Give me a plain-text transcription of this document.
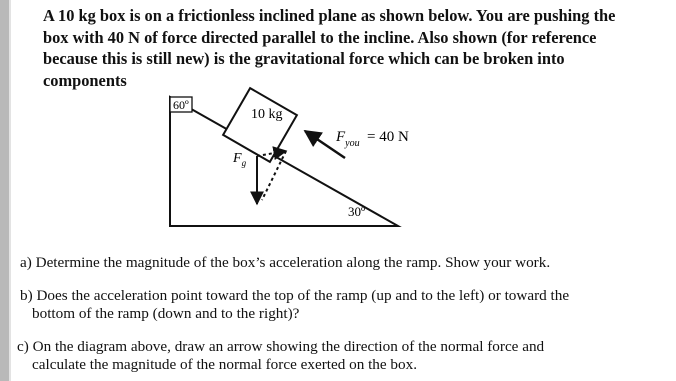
A 10 kg box is on a frictionless inclined plane as shown below. You are pushing the
box with 40 N of force directed parallel to the incline. Also shown (for reference
because this is still new) is the gravitational force which can be broken into
components
60º
10 kg
$F_g$
$F_{you} = 40$ N
30º
a) Determine the magnitude of the box’s acceleration along the ramp. Show your work.
b) Does the acceleration point toward the top of the ramp (up and to the left) or toward the
bottom of the ramp (down and to the right)?
c) On the diagram above, draw an arrow showing the direction of the normal force and
calculate the magnitude of the normal force exerted on the box.
